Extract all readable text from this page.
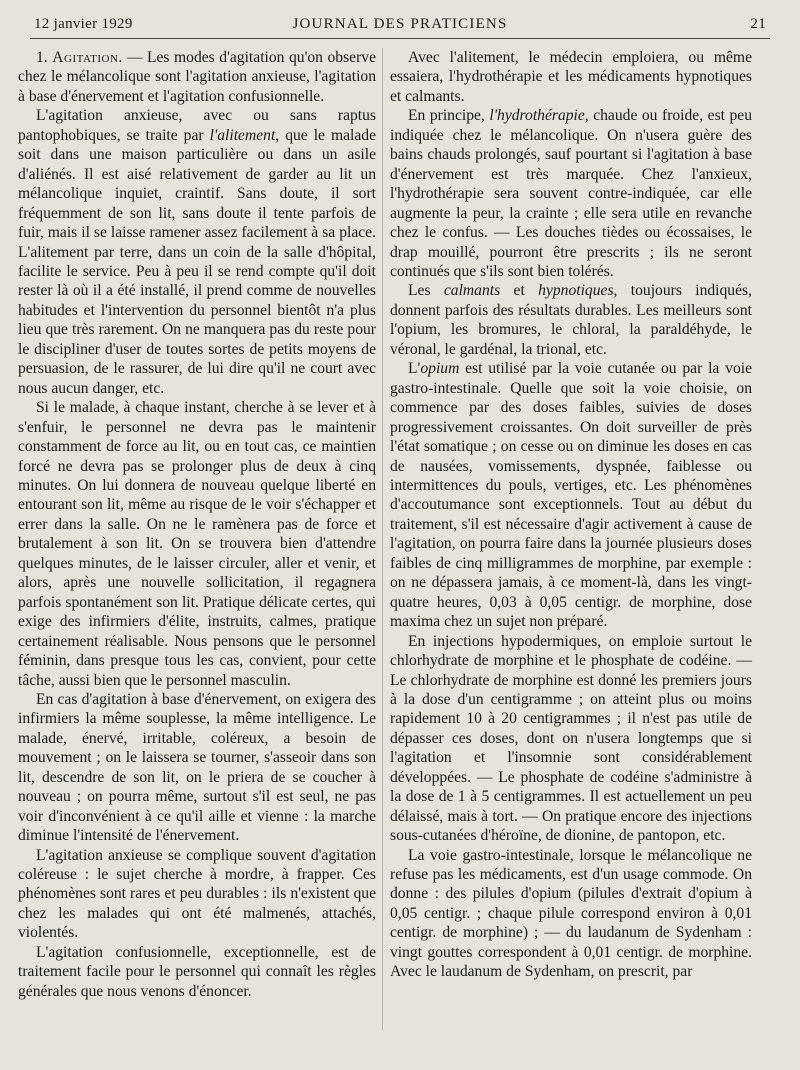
12 janvier 1929	JOURNAL DES PRATICIENS	21

1. Agitation. — Les modes d'agitation qu'on observe chez le mélancolique sont l'agitation anxieuse, l'agitation à base d'énervement et l'agitation confusionnelle.

L'agitation anxieuse, avec ou sans raptus pantophobiques, se traite par l'alitement, que le malade soit dans une maison particulière ou dans un asile d'aliénés. Il est aisé relativement de garder au lit un mélancolique inquiet, craintif. Sans doute, il sort fréquemment de son lit, sans doute il tente parfois de fuir, mais il se laisse ramener assez facilement à sa place. L'alitement par terre, dans un coin de la salle d'hôpital, facilite le service. Peu à peu il se rend compte qu'il doit rester là où il a été installé, il prend comme de nouvelles habitudes et l'intervention du personnel bientôt n'a plus lieu que très rarement. On ne manquera pas du reste pour le discipliner d'user de toutes sortes de petits moyens de persuasion, de le rassurer, de lui dire qu'il ne court avec nous aucun danger, etc.

Si le malade, à chaque instant, cherche à se lever et à s'enfuir, le personnel ne devra pas le maintenir constamment de force au lit, ou en tout cas, ce maintien forcé ne devra pas se prolonger plus de deux à cinq minutes. On lui donnera de nouveau quelque liberté en entourant son lit, même au risque de le voir s'échapper et errer dans la salle. On ne le ramènera pas de force et brutalement à son lit. On se trouvera bien d'attendre quelques minutes, de le laisser circuler, aller et venir, et alors, après une nouvelle sollicitation, il regagnera parfois spontanément son lit. Pratique délicate certes, qui exige des infirmiers d'élite, instruits, calmes, pratique certainement réalisable. Nous pensons que le personnel féminin, dans presque tous les cas, convient, pour cette tâche, aussi bien que le personnel masculin.

En cas d'agitation à base d'énervement, on exigera des infirmiers la même souplesse, la même intelligence. Le malade, énervé, irritable, coléreux, a besoin de mouvement ; on le laissera se tourner, s'asseoir dans son lit, descendre de son lit, on le priera de se coucher à nouveau ; on pourra même, surtout s'il est seul, ne pas voir d'inconvénient à ce qu'il aille et vienne : la marche diminue l'intensité de l'énervement.

L'agitation anxieuse se complique souvent d'agitation coléreuse : le sujet cherche à mordre, à frapper. Ces phénomènes sont rares et peu durables : ils n'existent que chez les malades qui ont été malmenés, attachés, violentés.

L'agitation confusionnelle, exceptionnelle, est de traitement facile pour le personnel qui connaît les règles générales que nous venons d'énoncer.

Avec l'alitement, le médecin emploiera, ou même essaiera, l'hydrothérapie et les médicaments hypnotiques et calmants.

En principe, l'hydrothérapie, chaude ou froide, est peu indiquée chez le mélancolique. On n'usera guère des bains chauds prolongés, sauf pourtant si l'agitation à base d'énervement est très marquée. Chez l'anxieux, l'hydrothérapie sera souvent contre-indiquée, car elle augmente la peur, la crainte ; elle sera utile en revanche chez le confus. — Les douches tièdes ou écossaises, le drap mouillé, pourront être prescrits ; ils ne seront continués que s'ils sont bien tolérés.

Les calmants et hypnotiques, toujours indiqués, donnent parfois des résultats durables. Les meilleurs sont l'opium, les bromures, le chloral, la paraldéhyde, le véronal, le gardénal, la trional, etc.

L'opium est utilisé par la voie cutanée ou par la voie gastro-intestinale. Quelle que soit la voie choisie, on commence par des doses faibles, suivies de doses progressivement croissantes. On doit surveiller de près l'état somatique ; on cesse ou on diminue les doses en cas de nausées, vomissements, dyspnée, faiblesse ou intermittences du pouls, vertiges, etc. Les phénomènes d'accoutumance sont exceptionnels. Tout au début du traitement, s'il est nécessaire d'agir activement à cause de l'agitation, on pourra faire dans la journée plusieurs doses faibles de cinq milligrammes de morphine, par exemple : on ne dépassera jamais, à ce moment-là, dans les vingt-quatre heures, 0,03 à 0,05 centigr. de morphine, dose maxima chez un sujet non préparé.

En injections hypodermiques, on emploie surtout le chlorhydrate de morphine et le phosphate de codéine. — Le chlorhydrate de morphine est donné les premiers jours à la dose d'un centigramme ; on atteint plus ou moins rapidement 10 à 20 centigrammes ; il n'est pas utile de dépasser ces doses, dont on n'usera longtemps que si l'agitation et l'insomnie sont considérablement développées. — Le phosphate de codéine s'administre à la dose de 1 à 5 centigrammes. Il est actuellement un peu délaissé, mais à tort. — On pratique encore des injections sous-cutanées d'héroïne, de dionine, de pantopon, etc.

La voie gastro-intestinale, lorsque le mélancolique ne refuse pas les médicaments, est d'un usage commode. On donne : des pilules d'opium (pilules d'extrait d'opium à 0,05 centigr. ; chaque pilule correspond environ à 0,01 centigr. de morphine) ; — du laudanum de Sydenham : vingt gouttes correspondent à 0,01 centigr. de morphine. Avec le laudanum de Sydenham, on prescrit, par
